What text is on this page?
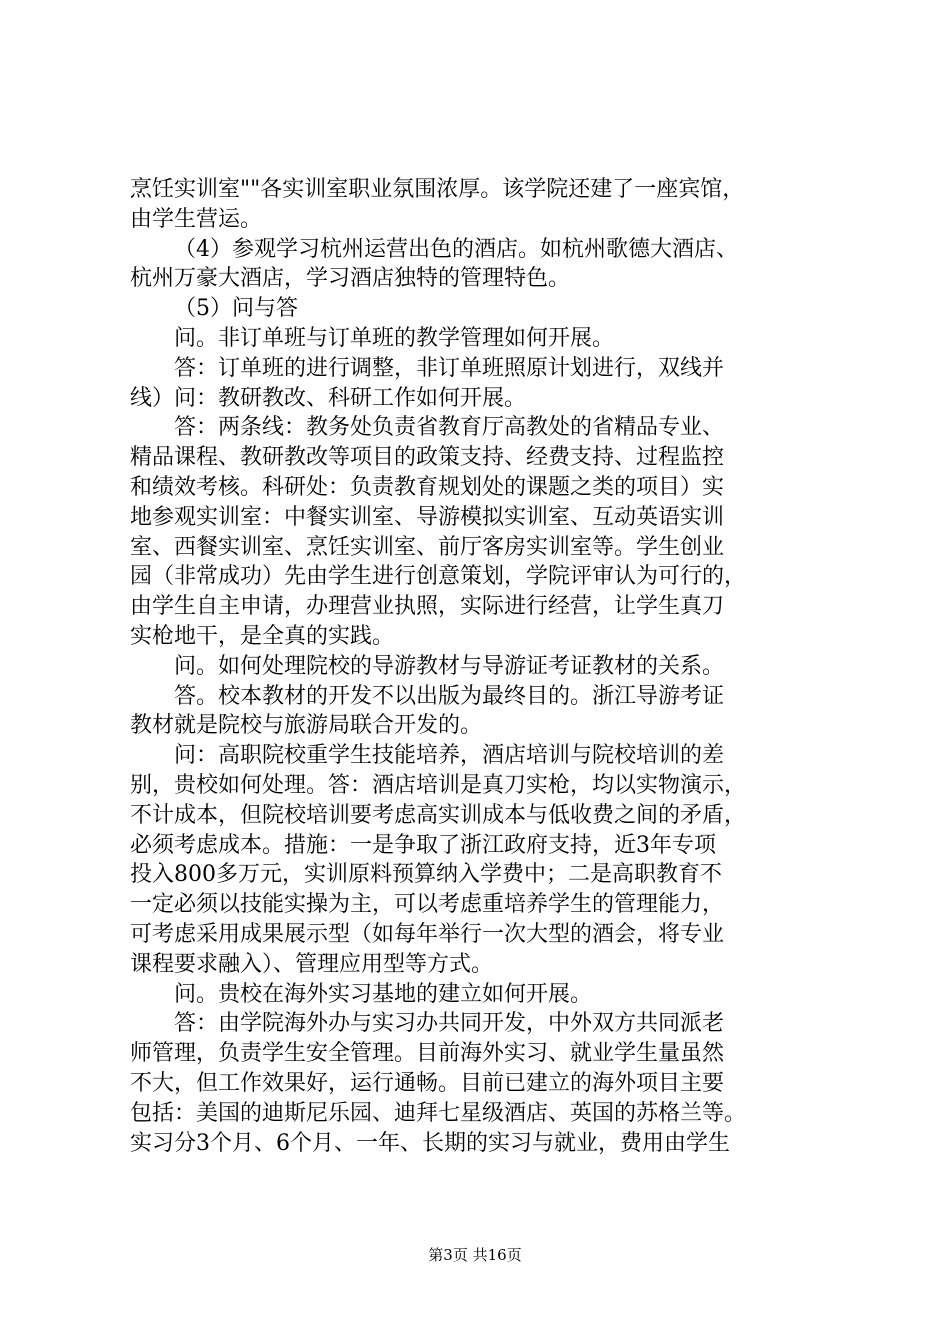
烹饪实训室""各实训室职业氛围浓厚。该学院还建了一座宾馆，

由学生营运。

（4）参观学习杭州运营出色的酒店。如杭州歌德大酒店、

杭州万豪大酒店，学习酒店独特的管理特色。

（5）问与答

问。非订单班与订单班的教学管理如何开展。

答：订单班的进行调整，非订单班照原计划进行，双线并

线）问：教研教改、科研工作如何开展。

答：两条线：教务处负责省教育厅高教处的省精品专业、

精品课程、教研教改等项目的政策支持、经费支持、过程监控

和绩效考核。科研处：负责教育规划处的课题之类的项目）实

地参观实训室：中餐实训室、导游模拟实训室、互动英语实训

室、西餐实训室、烹饪实训室、前厅客房实训室等。学生创业

园（非常成功）先由学生进行创意策划，学院评审认为可行的，

由学生自主申请，办理营业执照，实际进行经营，让学生真刀

实枪地干，是全真的实践。

问。如何处理院校的导游教材与导游证考证教材的关系。

答。校本教材的开发不以出版为最终目的。浙江导游考证

教材就是院校与旅游局联合开发的。

问：高职院校重学生技能培养，酒店培训与院校培训的差

别，贵校如何处理。答：酒店培训是真刀实枪，均以实物演示，

不计成本，但院校培训要考虑高实训成本与低收费之间的矛盾，

必须考虑成本。措施：一是争取了浙江政府支持，近3年专项

投入800多万元，实训原料预算纳入学费中；二是高职教育不

一定必须以技能实操为主，可以考虑重培养学生的管理能力，

可考虑采用成果展示型（如每年举行一次大型的酒会，将专业

课程要求融入）、管理应用型等方式。

问。贵校在海外实习基地的建立如何开展。

答：由学院海外办与实习办共同开发，中外双方共同派老

师管理，负责学生安全管理。目前海外实习、就业学生量虽然

不大，但工作效果好，运行通畅。目前已建立的海外项目主要

包括：美国的迪斯尼乐园、迪拜七星级酒店、英国的苏格兰等。

实习分3个月、6个月、一年、长期的实习与就业，费用由学生

第3页 共16页
